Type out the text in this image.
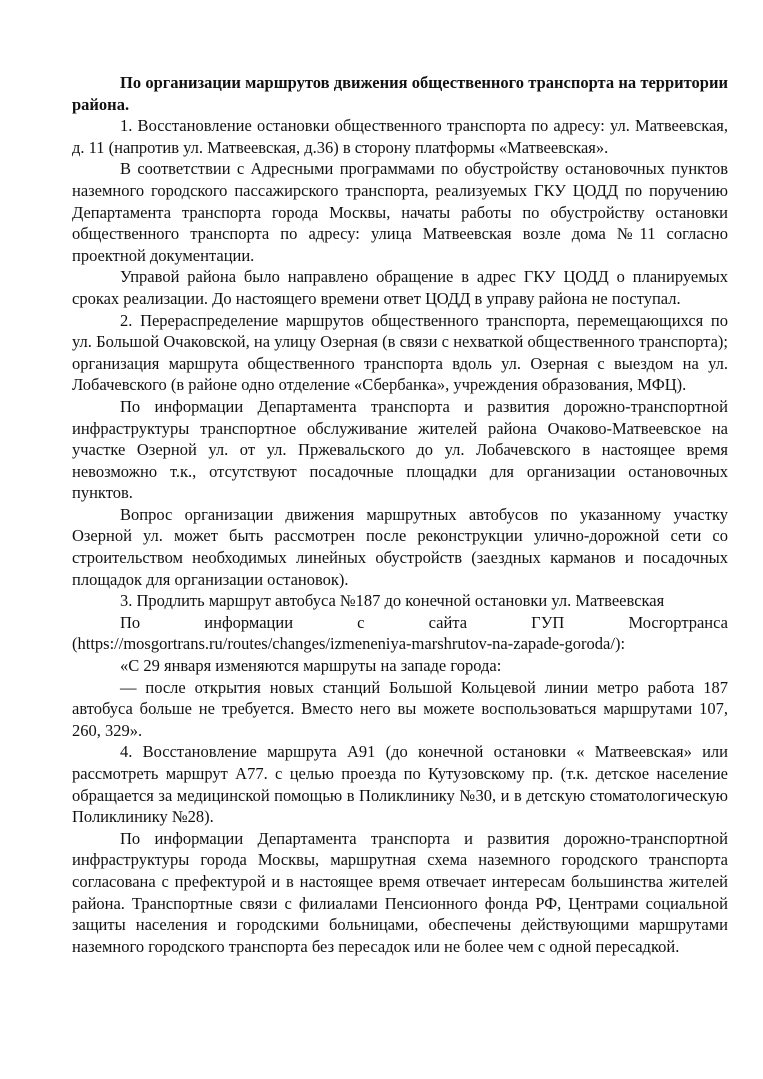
По организации маршрутов движения общественного транспорта на территории района.

1. Восстановление остановки общественного транспорта по адресу: ул. Матвеевская, д. 11 (напротив ул. Матвеевская, д.36) в сторону платформы «Матвеевская».

В соответствии с Адресными программами по обустройству остановочных пунктов наземного городского пассажирского транспорта, реализуемых ГКУ ЦОДД по поручению Департамента транспорта города Москвы, начаты работы по обустройству остановки общественного транспорта по адресу: улица Матвеевская возле дома №11 согласно проектной документации.

Управой района было направлено обращение в адрес ГКУ ЦОДД о планируемых сроках реализации. До настоящего времени ответ ЦОДД в управу района не поступал.

2. Перераспределение маршрутов общественного транспорта, перемещающихся по ул. Большой Очаковской, на улицу Озерная (в связи с нехваткой общественного транспорта); организация маршрута общественного транспорта вдоль ул. Озерная с выездом на ул. Лобачевского (в районе одно отделение «Сбербанка», учреждения образования, МФЦ).

По информации Департамента транспорта и развития дорожно-транспортной инфраструктуры транспортное обслуживание жителей района Очаково-Матвеевское на участке Озерной ул. от ул. Пржевальского до ул. Лобачевского в настоящее время невозможно т.к., отсутствуют посадочные площадки для организации остановочных пунктов.

Вопрос организации движения маршрутных автобусов по указанному участку Озерной ул. может быть рассмотрен после реконструкции улично-дорожной сети со строительством необходимых линейных обустройств (заездных карманов и посадочных площадок для организации остановок).

3. Продлить маршрут автобуса №187 до конечной остановки ул. Матвеевская

По информации с сайта ГУП Мосгортранса (https://mosgortrans.ru/routes/changes/izmeneniya-marshrutov-na-zapade-goroda/):

«С 29 января изменяются маршруты на западе города:

— после открытия новых станций Большой Кольцевой линии метро работа 187 автобуса больше не требуется. Вместо него вы можете воспользоваться маршрутами 107, 260, 329».

4. Восстановление маршрута А91 (до конечной остановки « Матвеевская» или рассмотреть маршрут А77. с целью проезда по Кутузовскому пр. (т.к. детское население обращается за медицинской помощью в Поликлинику №30, и в детскую стоматологическую Поликлинику №28).

По информации Департамента транспорта и развития дорожно-транспортной инфраструктуры города Москвы, маршрутная схема наземного городского транспорта согласована с префектурой и в настоящее время отвечает интересам большинства жителей района. Транспортные связи с филиалами Пенсионного фонда РФ, Центрами социальной защиты населения и городскими больницами, обеспечены действующими маршрутами наземного городского транспорта без пересадок или не более чем с одной пересадкой.
